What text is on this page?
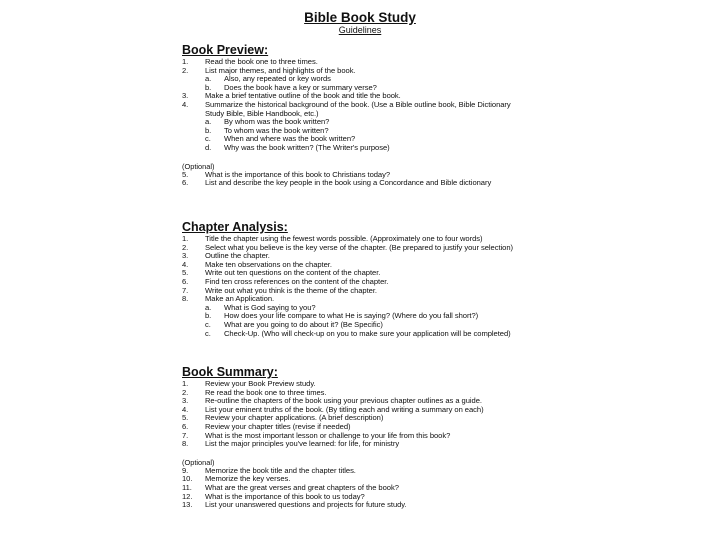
Bible Book Study
Guidelines
Book Preview:
1. Read the book one to three times.
2. List major themes, and highlights of the book.
a. Also, any repeated or key words
b. Does the book have a key or summary verse?
3. Make a brief tentative outline of the book and title the book.
4. Summarize the historical background of the book. (Use a Bible outline book, Bible Dictionary
Study Bible, Bible Handbook, etc.)
a. By whom was the book written?
b. To whom was the book written?
c. When and where was the book written?
d. Why was the book written? (The Writer's purpose)
(Optional)
5. What is the importance of this book to Christians today?
6. List and describe the key people in the book using a Concordance and Bible dictionary
Chapter Analysis:
1. Title the chapter using the fewest words possible. (Approximately one to four words)
2. Select what you believe is the key verse of the chapter. (Be prepared to justify your selection)
3. Outline the chapter.
4. Make ten observations on the chapter.
5. Write out ten questions on the content of the chapter.
6. Find ten cross references on the content of the chapter.
7. Write out what you think is the theme of the chapter.
8. Make an Application.
a. What is God saying to you?
b. How does your life compare to what He is saying? (Where do you fall short?)
c. What are you going to do about it? (Be Specific)
c. Check-Up. (Who will check-up on you to make sure your application will be completed)
Book Summary:
1. Review your Book Preview study.
2. Re read the book one to three times.
3. Re-outline the chapters of the book using your previous chapter outlines as a guide.
4. List your eminent truths of the book. (By titling each and writing a summary on each)
5. Review your chapter applications. (A brief description)
6. Review your chapter titles (revise if needed)
7. What is the most important lesson or challenge to your life from this book?
8. List the major principles you've learned: for life, for ministry
(Optional)
9. Memorize the book title and the chapter titles.
10. Memorize the key verses.
11. What are the great verses and great chapters of the book?
12. What is the importance of this book to us today?
13. List your unanswered questions and projects for future study.
